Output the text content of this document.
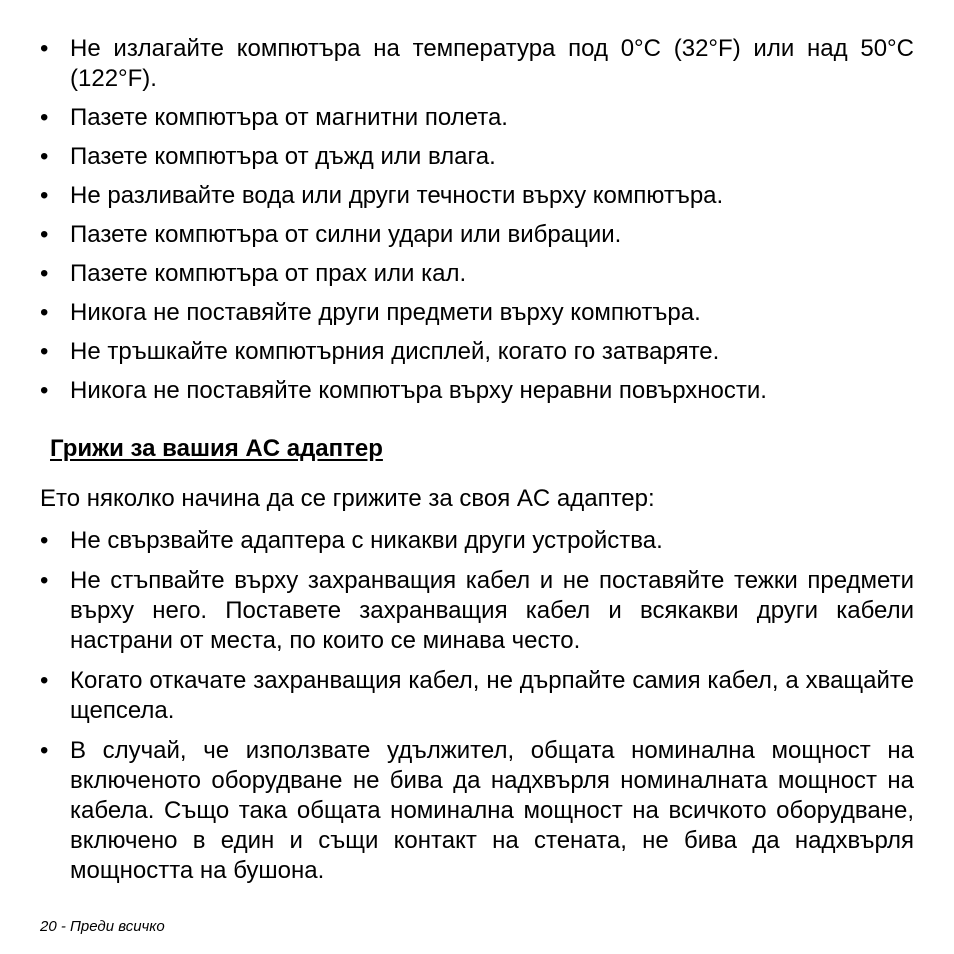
• Не излагайте компютъра на температура под 0°C (32°F) или над 50°C (122°F).
• Пазете компютъра от магнитни полета.
• Пазете компютъра от дъжд или влага.
• Не разливайте вода или други течности върху компютъра.
• Пазете компютъра от силни удари или вибрации.
• Пазете компютъра от прах или кал.
• Никога не поставяйте други предмети върху компютъра.
• Не тръшкайте компютърния дисплей, когато го затваряте.
• Никога не поставяйте компютъра върху неравни повърхности.
Грижи за вашия AC адаптер

Ето няколко начина да се грижите за своя AC адаптер:

• Не свързвайте адаптера с никакви други устройства.
• Не стъпвайте върху захранващия кабел и не поставяйте тежки предмети върху него. Поставете захранващия кабел и всякакви други кабели настрани от места, по които се минава често.
• Когато откачате захранващия кабел, не дърпайте самия кабел, а хващайте щепсела.
• В случай, че използвате удължител, общата номинална мощност на включеното оборудване не бива да надхвърля номиналната мощност на кабела. Също така общата номинална мощност на всичкото оборудване, включено в един и същи контакт на стената, не бива да надхвърля мощността на бушона.

20 - Преди всичко
